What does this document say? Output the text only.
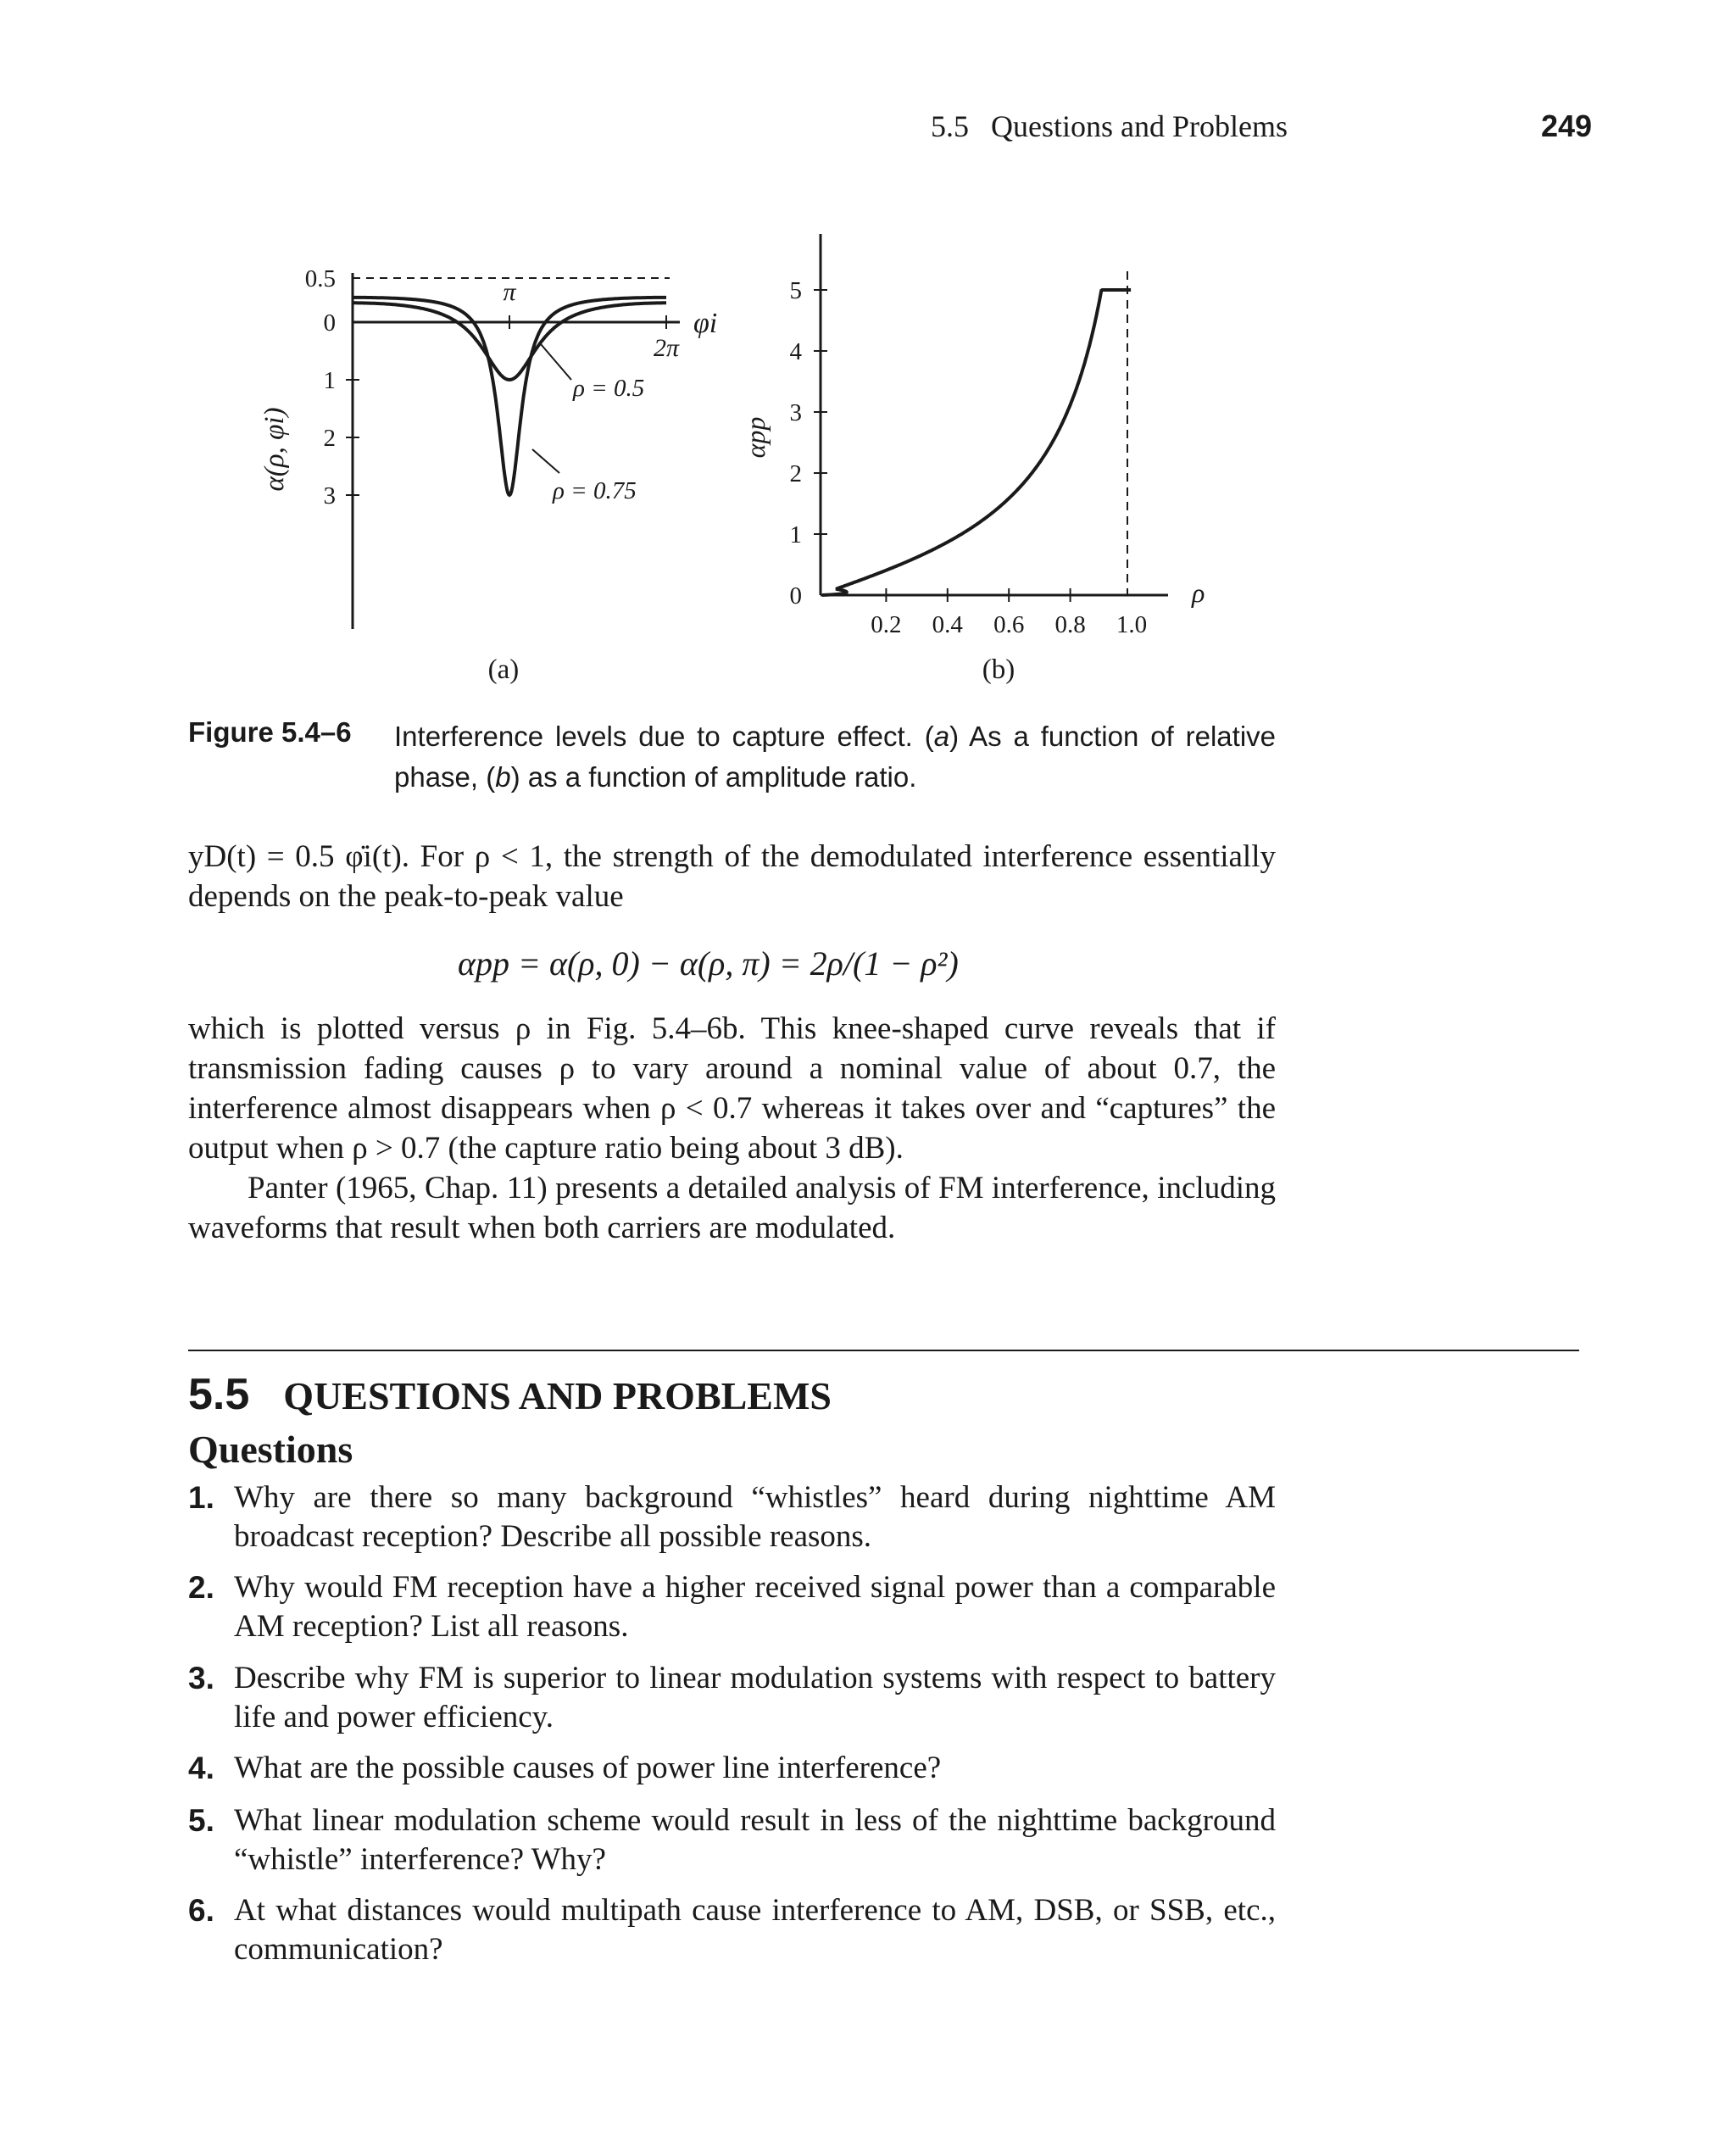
5.5 Questions and Problems	249
0.5
0
1
2
3
π
2π
ρ = 0.5
ρ = 0.75
φi
α(ρ, φi)
(a)
0
1
2
3
4
5
0.2 0.4 0.6 0.8 1.0
ρ
αpp
(b)
Figure 5.4–6 Interference levels due to capture effect. (a) As a function of relative phase, (b) as a function of amplitude ratio.
yD(t) = 0.5 φ̇i(t). For ρ < 1, the strength of the demodulated interference essentially depends on the peak-to-peak value
αpp = α(ρ, 0) − α(ρ, π) = 2ρ/(1 − ρ²)
which is plotted versus ρ in Fig. 5.4–6b. This knee-shaped curve reveals that if transmission fading causes ρ to vary around a nominal value of about 0.7, the interference almost disappears when ρ < 0.7 whereas it takes over and “captures” the output when ρ > 0.7 (the capture ratio being about 3 dB).
Panter (1965, Chap. 11) presents a detailed analysis of FM interference, including waveforms that result when both carriers are modulated.
5.5 QUESTIONS AND PROBLEMS
Questions
1. Why are there so many background “whistles” heard during nighttime AM broadcast reception? Describe all possible reasons.
2. Why would FM reception have a higher received signal power than a comparable AM reception? List all reasons.
3. Describe why FM is superior to linear modulation systems with respect to battery life and power efficiency.
4. What are the possible causes of power line interference?
5. What linear modulation scheme would result in less of the nighttime background “whistle” interference? Why?
6. At what distances would multipath cause interference to AM, DSB, or SSB, etc., communication?
